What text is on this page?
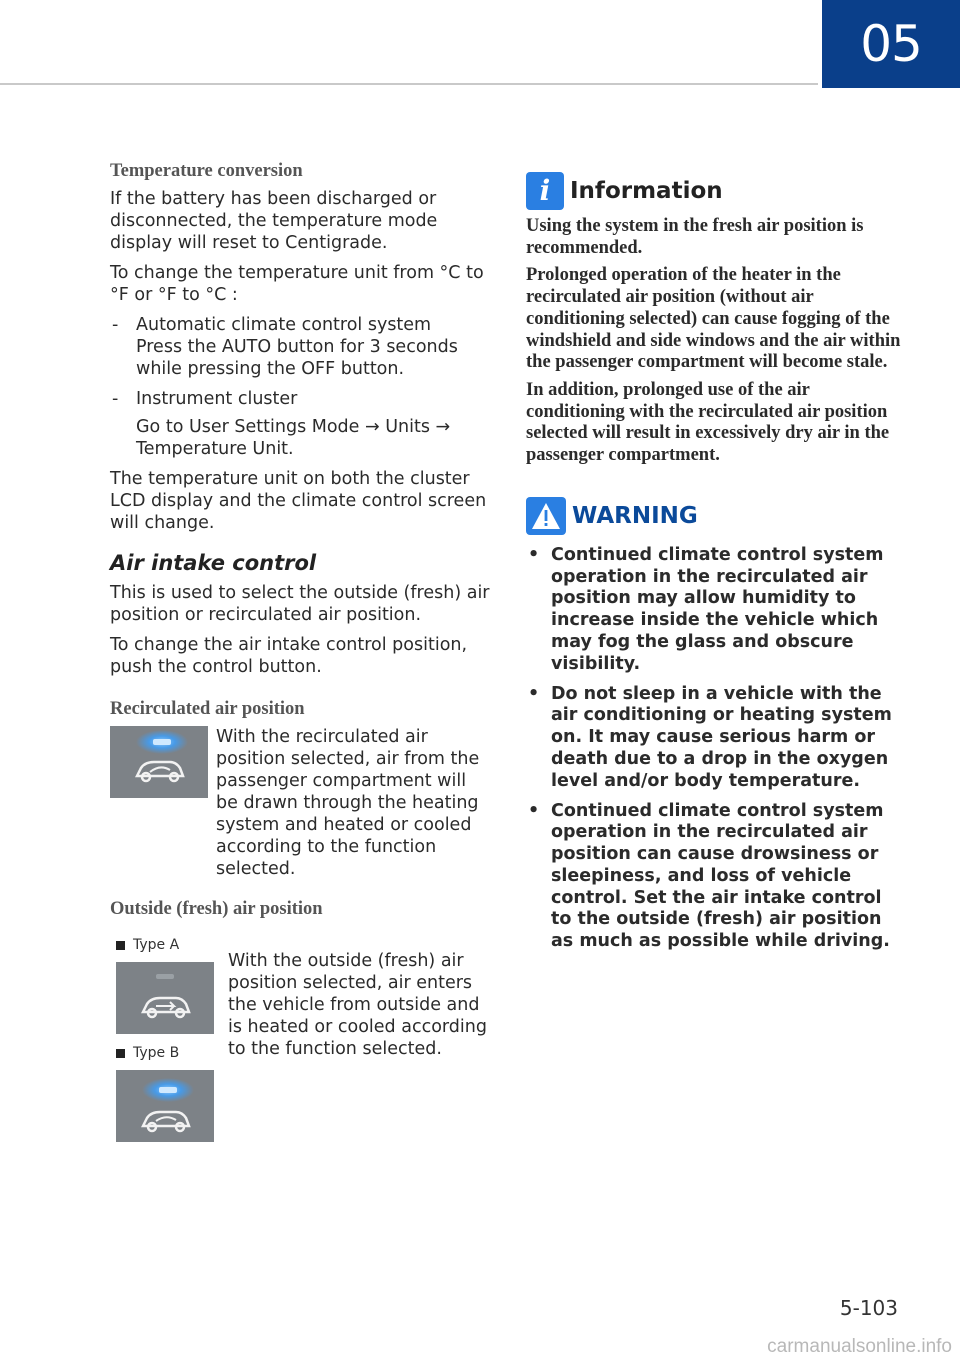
05
Temperature conversion

If the battery has been discharged or disconnected, the temperature mode display will reset to Centigrade.

To change the temperature unit from °C to °F or °F to °C :

- Automatic climate control system
Press the AUTO button for 3 seconds while pressing the OFF button.
- Instrument cluster
Go to User Settings Mode → Units → Temperature Unit.

The temperature unit on both the cluster LCD display and the climate control screen will change.

Air intake control

This is used to select the outside (fresh) air position or recirculated air position.

To change the air intake control position, push the control button.

Recirculated air position
With the recirculated air position selected, air from the passenger compartment will be drawn through the heating system and heated or cooled according to the function selected.
Outside (fresh) air position
Type A
Type B
With the outside (fresh) air position selected, air enters the vehicle from outside and is heated or cooled according to the function selected.
i Information

Using the system in the fresh air position is recommended.

Prolonged operation of the heater in the recirculated air position (without air conditioning selected) can cause fogging of the windshield and side windows and the air within the passenger compartment will become stale.

In addition, prolonged use of the air conditioning with the recirculated air position selected will result in excessively dry air in the passenger compartment.

WARNING
• Continued climate control system operation in the recirculated air position may allow humidity to increase inside the vehicle which may fog the glass and obscure visibility.
• Do not sleep in a vehicle with the air conditioning or heating system on. It may cause serious harm or death due to a drop in the oxygen level and/or body temperature.
• Continued climate control system operation in the recirculated air position can cause drowsiness or sleepiness, and loss of vehicle control. Set the air intake control to the outside (fresh) air position as much as possible while driving.
5-103
carmanualsonline.info
